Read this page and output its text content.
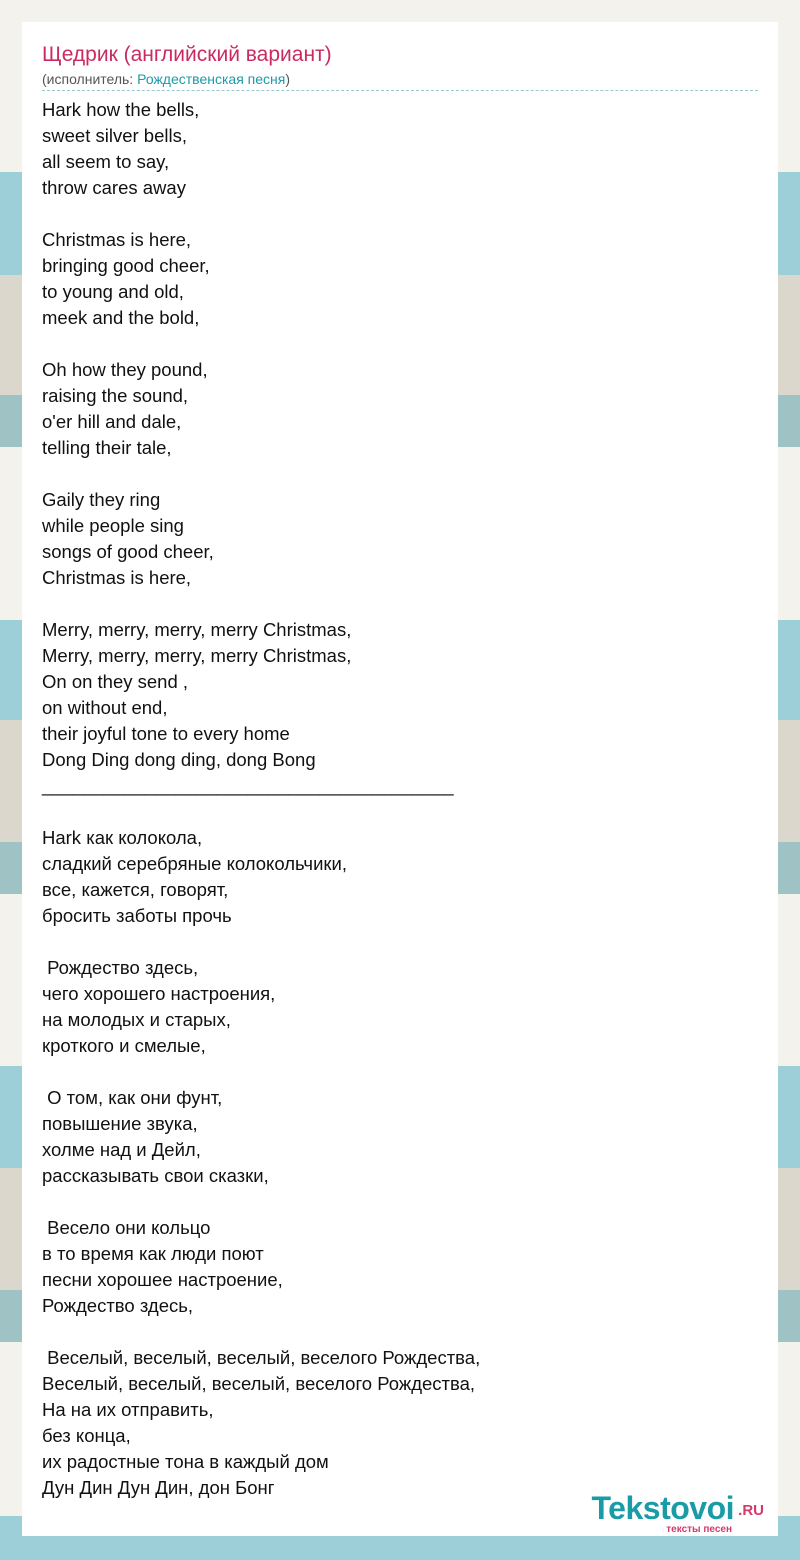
Щедрик (английский вариант)
(исполнитель: Рождественская песня)
Hark how the bells,
sweet silver bells,
all seem to say,
throw cares away

Christmas is here,
bringing good cheer,
to young and old,
meek and the bold,

Oh how they pound,
raising the sound,
o'er hill and dale,
telling their tale,

Gaily they ring
while people sing
songs of good cheer,
Christmas is here,

Merry, merry, merry, merry Christmas,
Merry, merry, merry, merry Christmas,
On on they send ,
on without end,
their joyful tone to every home
Dong Ding dong ding, dong Bong
________________________________________

Hark как колокола,
сладкий серебряные колокольчики,
все, кажется, говорят,
бросить заботы прочь

Рождество здесь,
чего хорошего настроения,
на молодых и старых,
кроткого и смелые,

О том, как они фунт,
повышение звука,
холме над и Дейл,
рассказывать свои сказки,

Весело они кольцо
в то время как люди поют
песни хорошее настроение,
Рождество здесь,

Веселый, веселый, веселый, веселого Рождества,
Веселый, веселый, веселый, веселого Рождества,
На на их отправить,
без конца,
их радостные тона в каждый дом
Дун Дин Дун Дин, дон Бонг
Tekstovoi .RU
тексты песен
